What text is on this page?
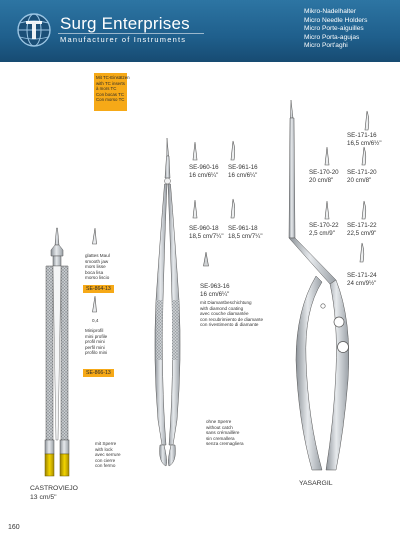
Surg Enterprises
Manufacturer of Instruments
Mikro-Nadelhalter
Micro Needle Holders
Micro Porte-aiguilles
Micro Porta-agujas
Micro Port'aghi
Mit TC-Einsätzen
with TC inserts
à mors TC
Con bocas TC
Con morso TC
glattes Maul
smooth jaw
mors lisse
boca lisa
morso liscio
SE-864-13
0,4
Miniprofil
mini profile
profil mini
perfil mini
profilo mini
SE-866-13
mit Sperre
with lock
avec serrure
con cierre
con fermo
CASTROVIEJO
13 cm/5"
SE-960-16
16 cm/6¼"
SE-961-16
16 cm/6¼"
SE-960-18
18,5 cm/7¼"
SE-961-18
18,5 cm/7¼"
SE-963-16
16 cm/6¼"
mit Diamantbeschichtung
with diamond coating
avec couche diamantée
con recubrimiento de diamante
con rivestimento di diamante
ohne Sperre
without catch
sans crémaillère
sin cremallera
senza cremagliera
SE-171-16
16,5 cm/6½"
SE-170-20
20 cm/8"
SE-171-20
20 cm/8"
SE-170-22
2,5 cm/9"
SE-171-22
22,5 cm/9"
SE-171-24
24 cm/9½"
YASARGIL
160
